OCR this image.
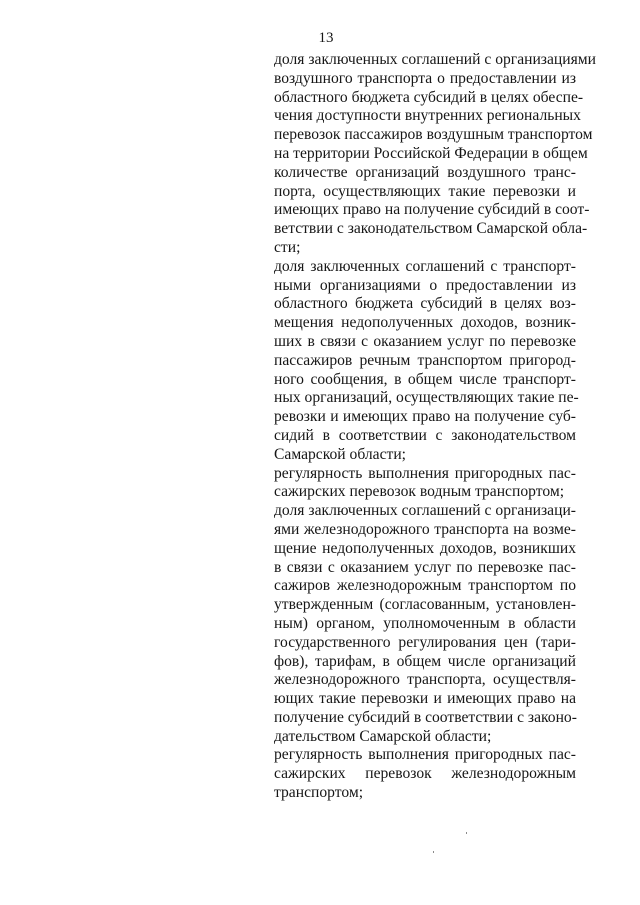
13
доля заключенных соглашений с организациями
воздушного транспорта о предоставлении из
областного бюджета субсидий в целях обеспе-
чения доступности внутренних региональных
перевозок пассажиров воздушным транспортом
на территории Российской Федерации в общем
количестве организаций воздушного транс-
порта, осуществляющих такие перевозки и
имеющих право на получение субсидий в соот-
ветствии с законодательством Самарской обла-
сти;
доля заключенных соглашений с транспорт-
ными организациями о предоставлении из
областного бюджета субсидий в целях воз-
мещения недополученных доходов, возник-
ших в связи с оказанием услуг по перевозке
пассажиров речным транспортом пригород-
ного сообщения, в общем числе транспорт-
ных организаций, осуществляющих такие пе-
ревозки и имеющих право на получение суб-
сидий в соответствии с законодательством
Самарской области;
регулярность выполнения пригородных пас-
сажирских перевозок водным транспортом;
доля заключенных соглашений с организаци-
ями железнодорожного транспорта на возме-
щение недополученных доходов, возникших
в связи с оказанием услуг по перевозке пас-
сажиров железнодорожным транспортом по
утвержденным (согласованным, установлен-
ным) органом, уполномоченным в области
государственного регулирования цен (тари-
фов), тарифам, в общем числе организаций
железнодорожного транспорта, осуществля-
ющих такие перевозки и имеющих право на
получение субсидий в соответствии с законо-
дательством Самарской области;
регулярность выполнения пригородных пас-
сажирских перевозок железнодорожным
транспортом;
